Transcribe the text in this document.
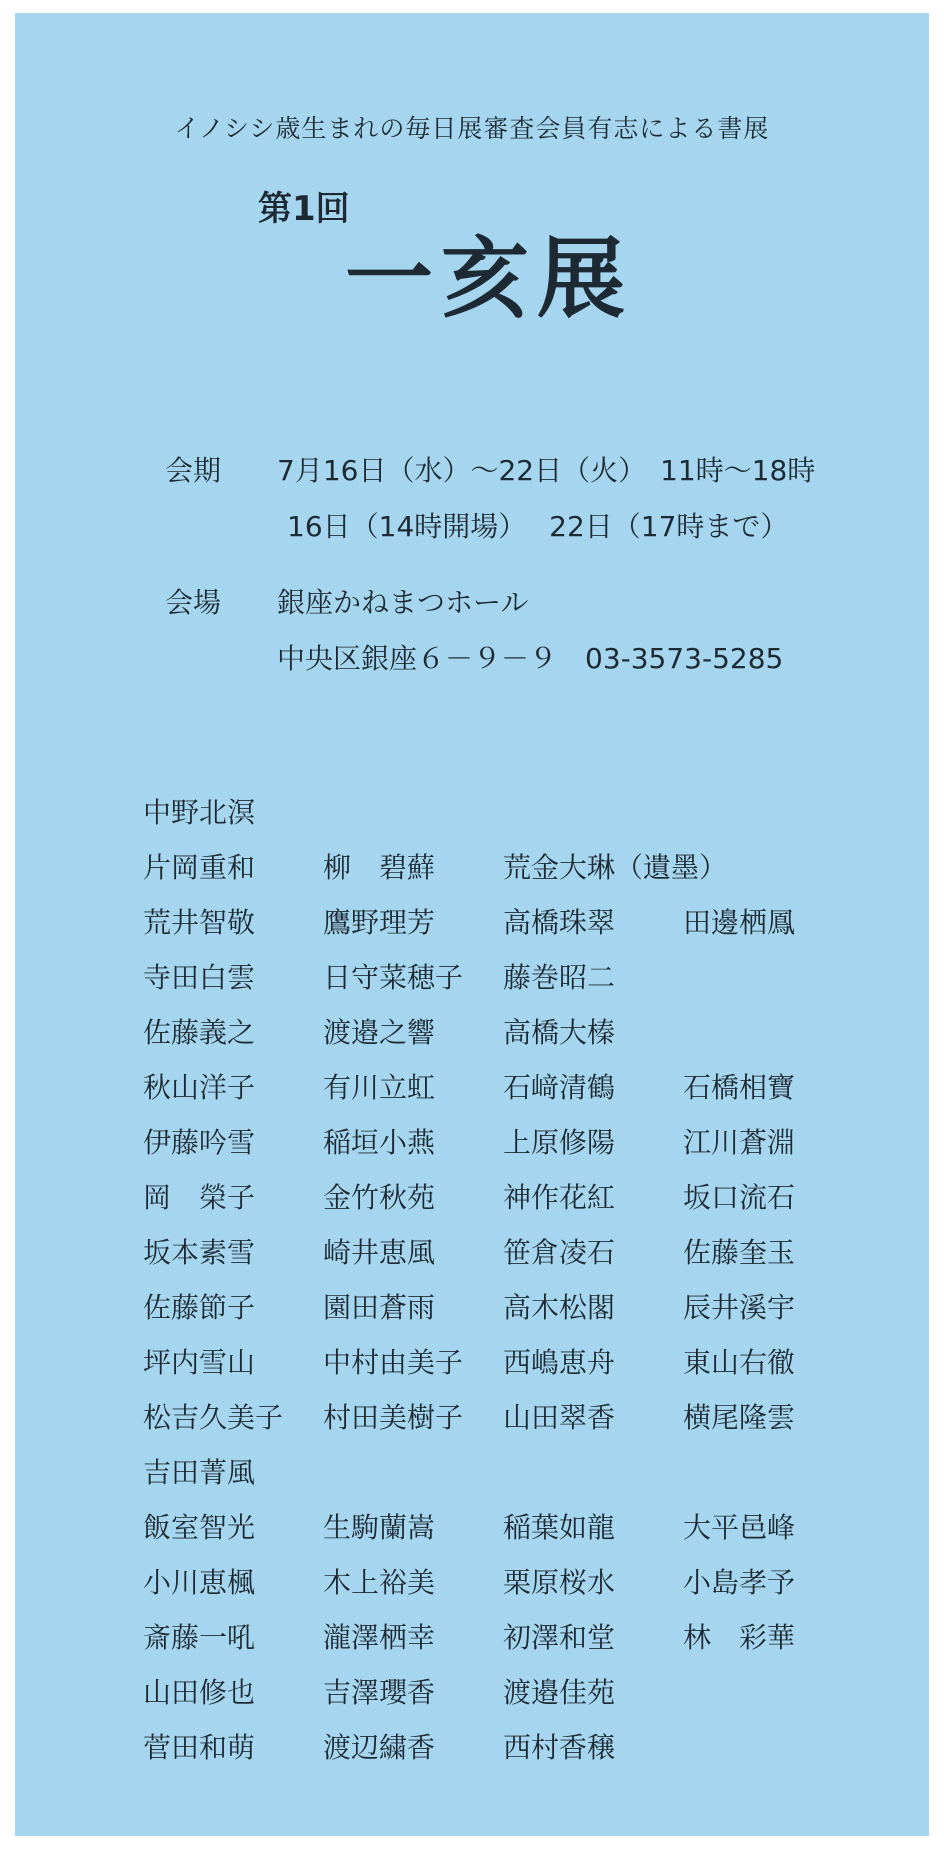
イノシシ歳生まれの毎日展審査会員有志による書展
第1回
一亥展
会期 7月16日（水）～22日（火）　11時～18時
16日（14時開場）　 22日（17時まで）
会場 銀座かねまつホール
中央区銀座６－９－９　03-3573-5285
中野北溟
片岡重和 柳　碧蘚 荒金大琳（遺墨）
荒井智敬 鷹野理芳 高橋珠翠 田邊栖鳳
寺田白雲 日守菜穂子 藤巻昭二
佐藤義之 渡邉之響 高橋大榛
秋山洋子 有川立虹 石﨑清鶴 石橋相寶
伊藤吟雪 稲垣小燕 上原修陽 江川蒼淵
岡　榮子 金竹秋苑 神作花紅 坂口流石
坂本素雪 崎井恵風 笹倉凌石 佐藤奎玉
佐藤節子 園田蒼雨 高木松閣 辰井溪宇
坪内雪山 中村由美子 西嶋恵舟 東山右徹
松吉久美子 村田美樹子 山田翠香 横尾隆雲
吉田菁風
飯室智光 生駒蘭嵩 稲葉如龍 大平邑峰
小川恵楓 木上裕美 栗原桜水 小島孝予
斎藤一吼 瀧澤栖幸 初澤和堂 林　彩華
山田修也 吉澤瓔香 渡邉佳苑
菅田和萌 渡辺繍香 西村香穣
